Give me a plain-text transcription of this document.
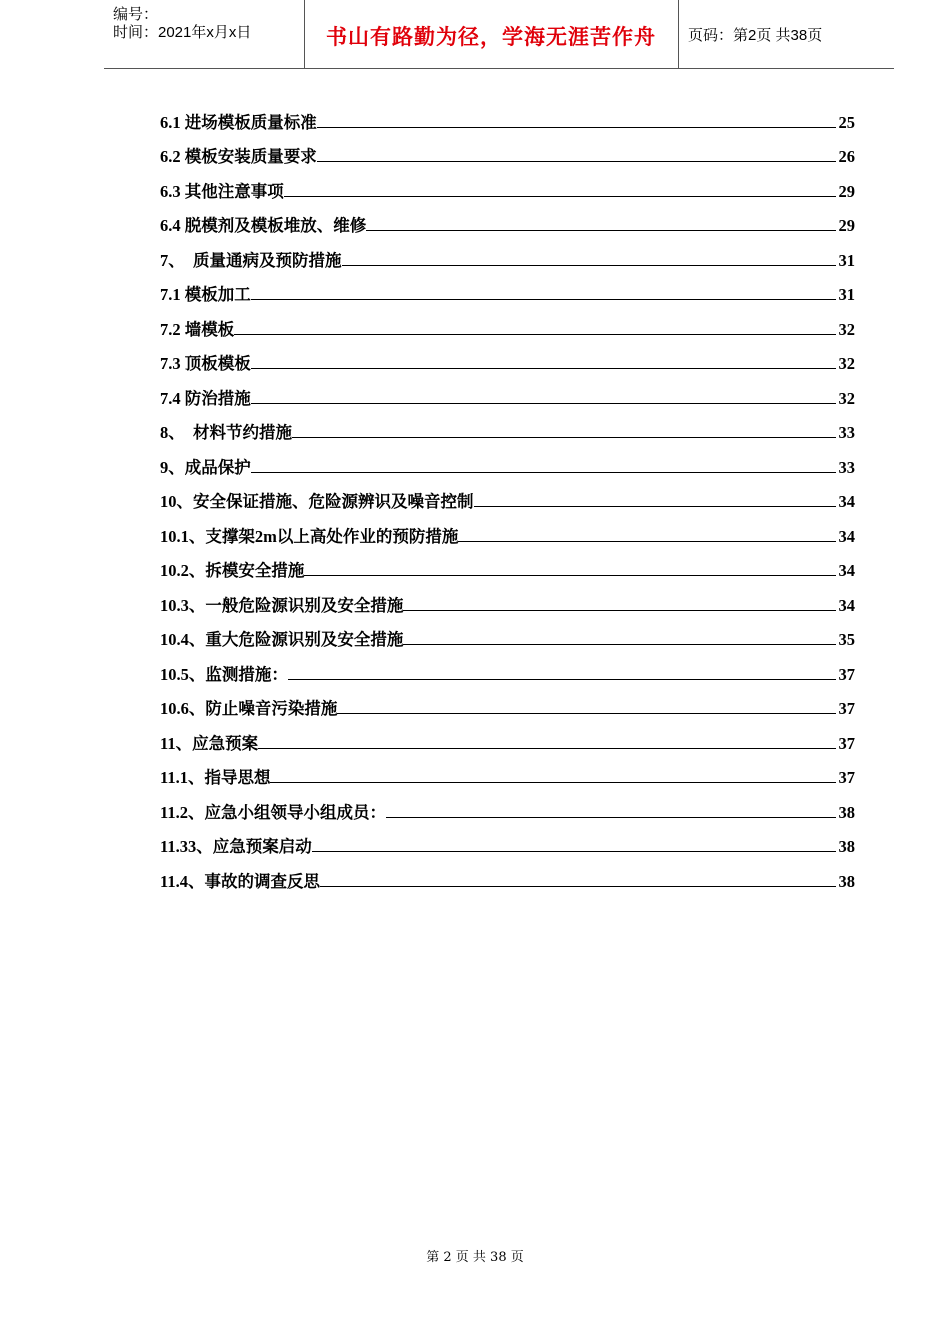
编号：
时间：2021年x月x日	书山有路勤为径，学海无涯苦作舟	页码：第2页 共38页
6.1 进场模板质量标准	25
6.2 模板安装质量要求	26
6.3 其他注意事项	29
6.4 脱模剂及模板堆放、维修	29
7、  质量通病及预防措施	31
7.1 模板加工	31
7.2 墙模板	32
7.3 顶板模板	32
7.4 防治措施	32
8、  材料节约措施	33
9、成品保护	33
10、安全保证措施、危险源辨识及噪音控制	34
10.1、支撑架2m以上高处作业的预防措施	34
10.2、拆模安全措施	34
10.3、一般危险源识别及安全措施	34
10.4、重大危险源识别及安全措施	35
10.5、监测措施：	37
10.6、防止噪音污染措施	37
11、应急预案	37
11.1、指导思想	37
11.2、应急小组领导小组成员：	38
11.33、应急预案启动	38
11.4、事故的调查反思	38
第 2 页 共 38 页
